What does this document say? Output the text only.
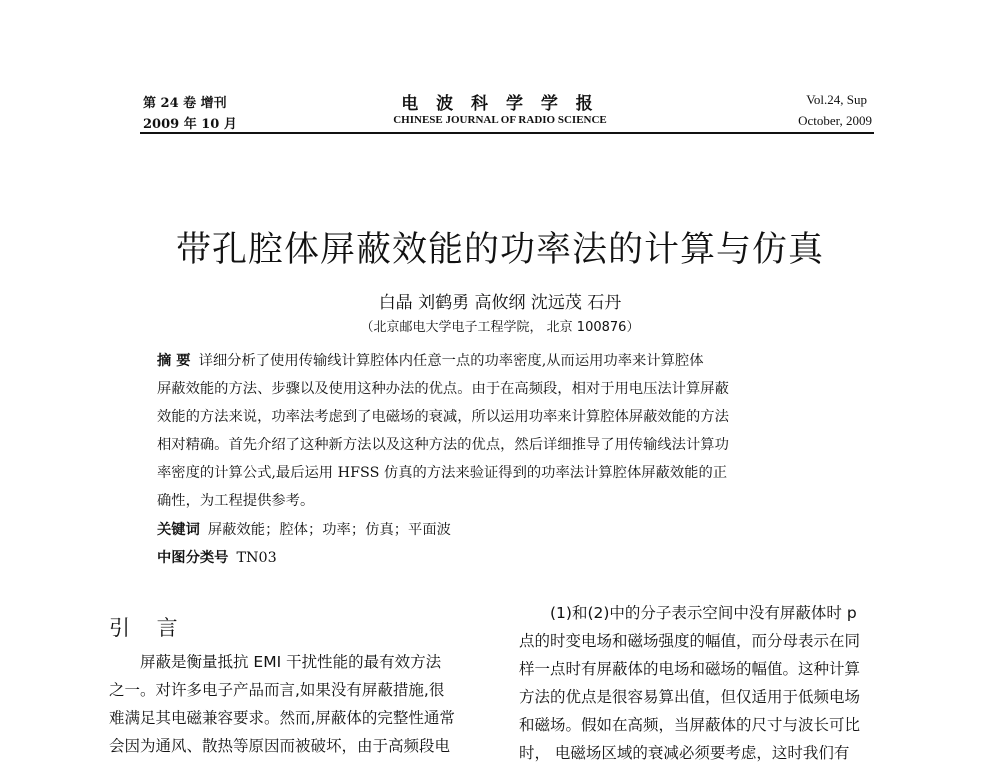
第 24 卷 增刊
2009 年 10 月
电 波 科 学 学 报
CHINESE JOURNAL OF RADIO SCIENCE
Vol.24, Sup
October, 2009
带孔腔体屏蔽效能的功率法的计算与仿真
白晶 刘鹤勇 高攸纲 沈远茂 石丹
（北京邮电大学电子工程学院， 北京 100876）

摘 要 详细分析了使用传输线计算腔体内任意一点的功率密度,从而运用功率来计算腔体

屏蔽效能的方法、步骤以及使用这种办法的优点。由于在高频段，相对于用电压法计算屏蔽

效能的方法来说，功率法考虑到了电磁场的衰减，所以运用功率来计算腔体屏蔽效能的方法

相对精确。首先介绍了这种新方法以及这种方法的优点，然后详细推导了用传输线法计算功

率密度的计算公式,最后运用 HFSS 仿真的方法来验证得到的功率法计算腔体屏蔽效能的正

确性，为工程提供参考。

关键词 屏蔽效能；腔体；功率；仿真；平面波
中图分类号 TN03
引 言

　　屏蔽是衡量抵抗 EMI 干扰性能的最有效方法

之一。对许多电子产品而言,如果没有屏蔽措施,很

难满足其电磁兼容要求。然而,屏蔽体的完整性通常

会因为通风、散热等原因而被破坏，由于高频段电

　　(1)和(2)中的分子表示空间中没有屏蔽体时 p

点的时变电场和磁场强度的幅值，而分母表示在同

样一点时有屏蔽体的电场和磁场的幅值。这种计算

方法的优点是很容易算出值，但仅适用于低频电场

和磁场。假如在高频，当屏蔽体的尺寸与波长可比

时， 电磁场区域的衰减必须要考虑，这时我们有
